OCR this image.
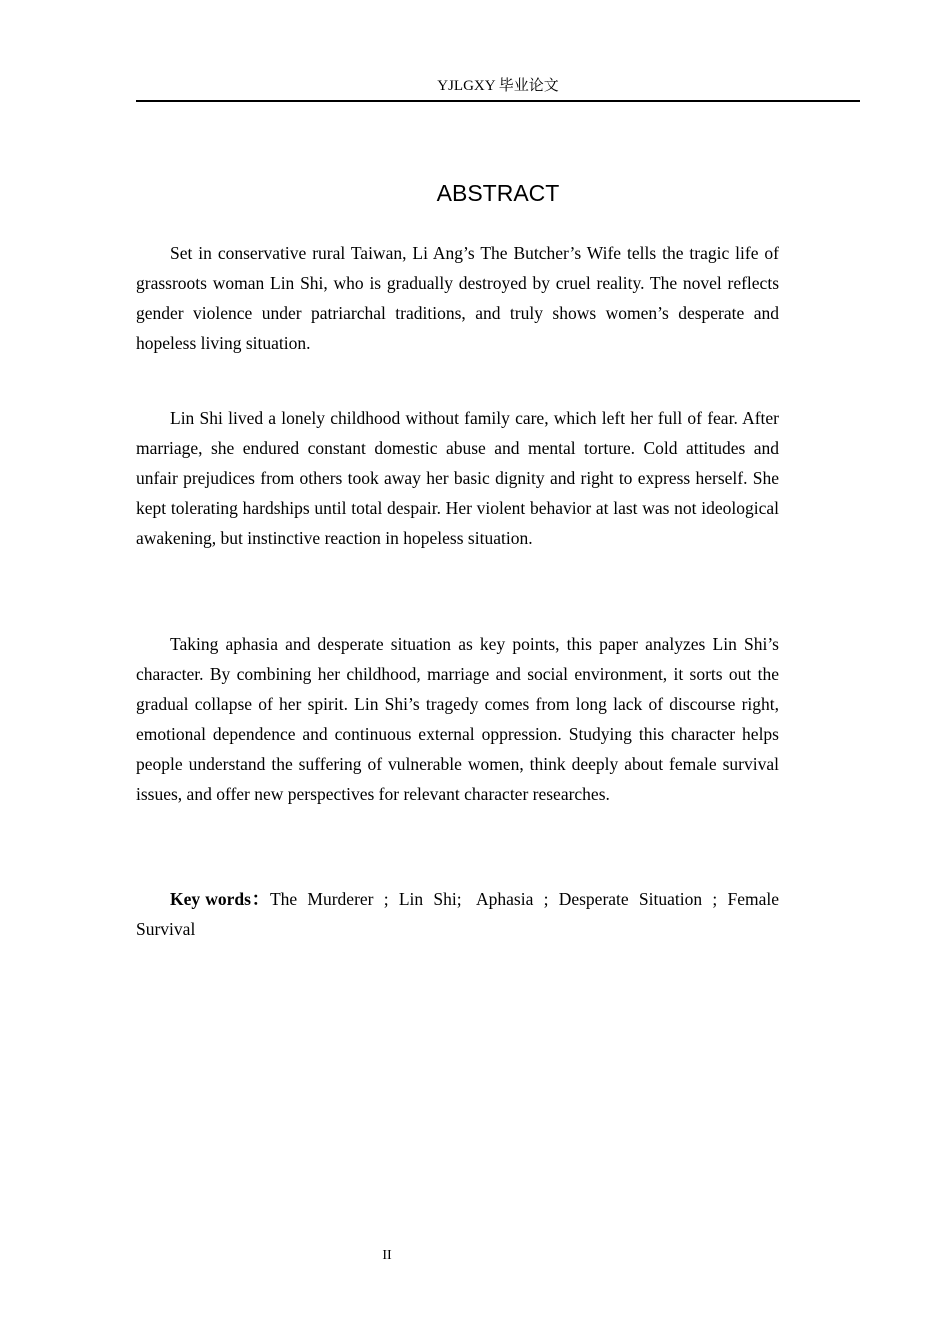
YJLGXY 毕业论文
ABSTRACT

Set in conservative rural Taiwan, Li Ang’s The Butcher’s Wife tells the tragic life of grassroots woman Lin Shi, who is gradually destroyed by cruel reality. The novel reflects gender violence under patriarchal traditions, and truly shows women’s desperate and hopeless living situation.

Lin Shi lived a lonely childhood without family care, which left her full of fear. After marriage, she endured constant domestic abuse and mental torture. Cold attitudes and unfair prejudices from others took away her basic dignity and right to express herself. She kept tolerating hardships until total despair. Her violent behavior at last was not ideological awakening, but instinctive reaction in hopeless situation.

Taking aphasia and desperate situation as key points, this paper analyzes Lin Shi’s character. By combining her childhood, marriage and social environment, it sorts out the gradual collapse of her spirit. Lin Shi’s tragedy comes from long lack of discourse right, emotional dependence and continuous external oppression. Studying this character helps people understand the suffering of vulnerable women, think deeply about female survival issues, and offer new perspectives for relevant character researches.

Key words：The  Murderer  ;  Lin  Shi;   Aphasia  ;  Desperate  Situation  ;  Female  Survival

II
